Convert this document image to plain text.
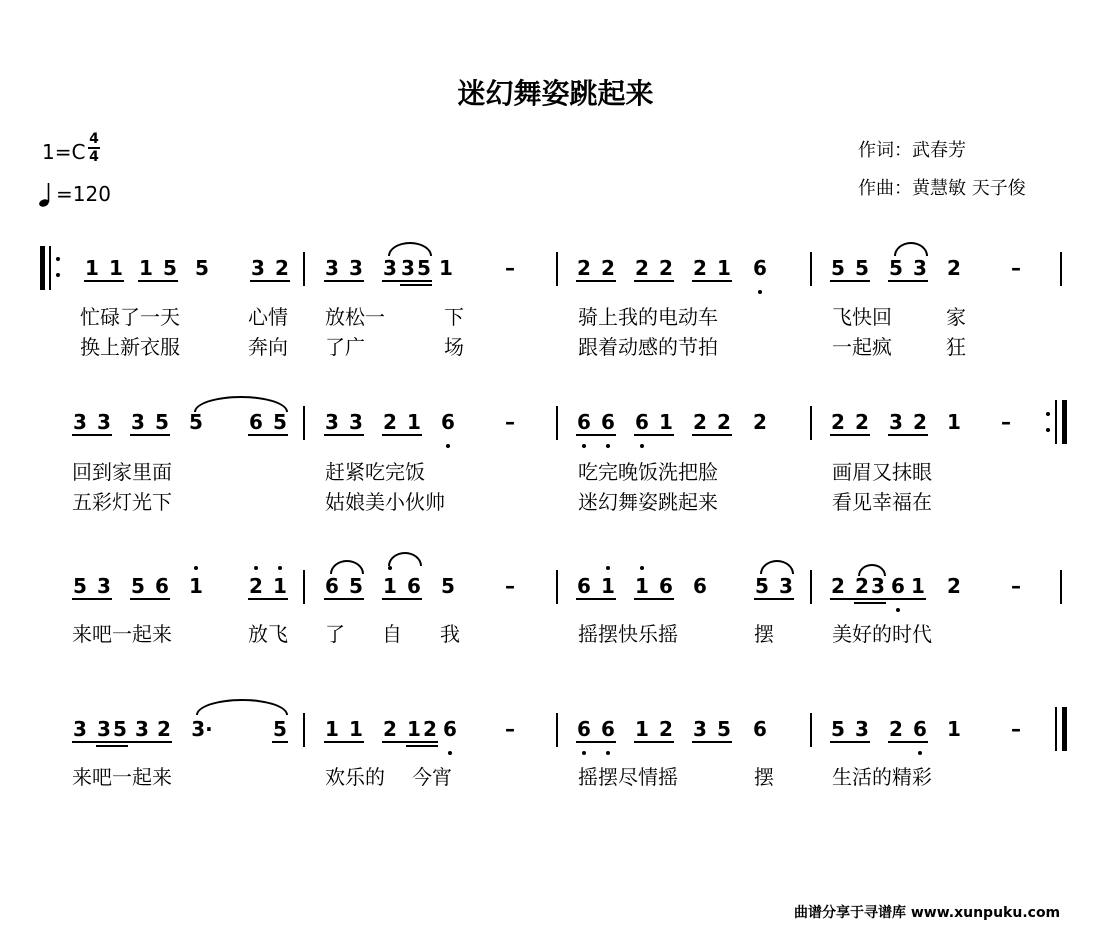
迷幻舞姿跳起来
1=C
4
4
=120
作词：武春芳
作曲：黄慧敏 天子俊
1 1 1 5 5 3 2 3 3 3 3 5 1	–	2 2 2 2 2 1 6	5 5 5 3 2	–
忙碌了一天	心情 放松一	下	骑上我的电动车	飞快回	家
换上新衣服	奔向 了广	场	跟着动感的节拍	一起疯	狂
3 3 3 5 5 6 5 3 3 2 1 6	–	6 6 6 1 2 2 2	2 2 3 2 1 –
回到家里面	赶紧吃完饭	吃完晚饭洗把脸	画眉又抹眼
五彩灯光下	姑娘美小伙帅	迷幻舞姿跳起来	看见幸福在
5 3 5 6 1 2 1 6 5 1 6 5	–	6 1 1 6 6 5 3 2 2 3 6 1 2	–
来吧一起来	放飞 了 自 我	摇摆快乐摇	摆	美好的时代
3 3 5 3 2 3·	5 1 1 2 1 2 6 –	6 6 1 2 3 5 6	5 3 2 6 1	–
来吧一起来	欢乐的 今宵	摇摆尽情摇	摆	生活的精彩
曲谱分享于寻谱库 www.xunpuku.com
